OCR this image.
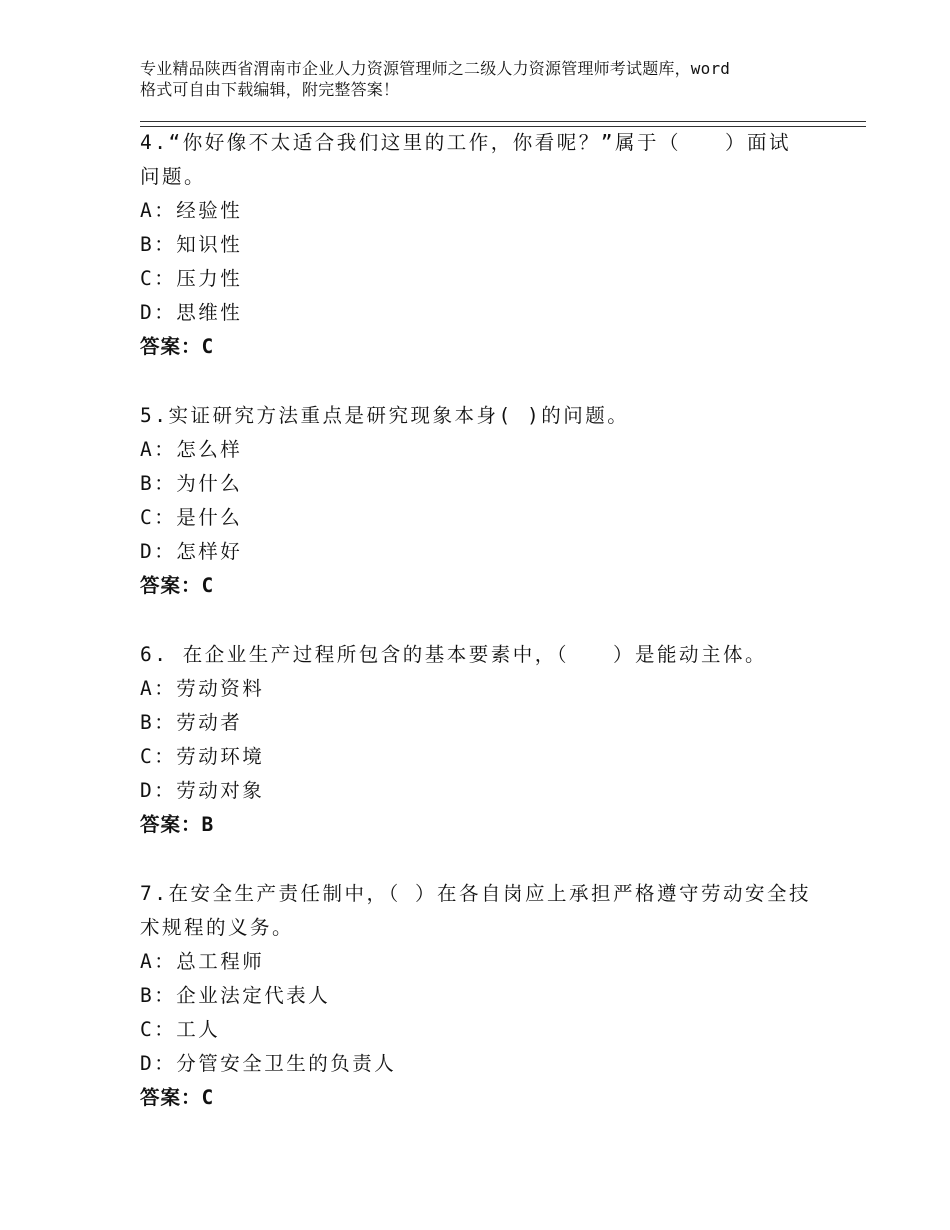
专业精品陕西省渭南市企业人力资源管理师之二级人力资源管理师考试题库，word
格式可自由下载编辑，附完整答案！
4.“你好像不太适合我们这里的工作，你看呢？”属于（　　）面试
问题。
A：经验性
B：知识性
C：压力性
D：思维性
答案：C
5.实证研究方法重点是研究现象本身( )的问题。
A：怎么样
B：为什么
C：是什么
D：怎样好
答案：C
6. 在企业生产过程所包含的基本要素中，（　　）是能动主体。
A：劳动资料
B：劳动者
C：劳动环境
D：劳动对象
答案：B
7.在安全生产责任制中，（ ）在各自岗应上承担严格遵守劳动安全技
术规程的义务。
A：总工程师
B：企业法定代表人
C：工人
D：分管安全卫生的负责人
答案：C
